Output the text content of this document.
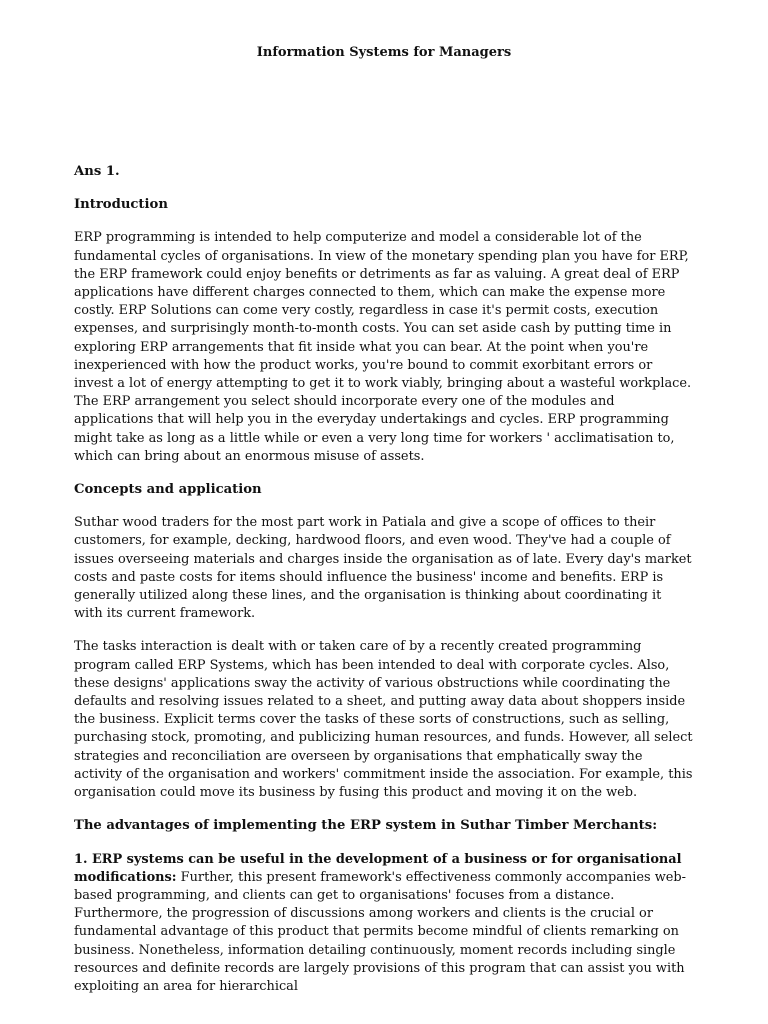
Information Systems for Managers

Ans 1.

Introduction

ERP programming is intended to help computerize and model a considerable lot of the fundamental cycles of organisations. In view of the monetary spending plan you have for ERP, the ERP framework could enjoy benefits or detriments as far as valuing. A great deal of ERP applications have different charges connected to them, which can make the expense more costly. ERP Solutions can come very costly, regardless in case it's permit costs, execution expenses, and surprisingly month-to-month costs. You can set aside cash by putting time in exploring ERP arrangements that fit inside what you can bear. At the point when you're inexperienced with how the product works, you're bound to commit exorbitant errors or invest a lot of energy attempting to get it to work viably, bringing about a wasteful workplace. The ERP arrangement you select should incorporate every one of the modules and applications that will help you in the everyday undertakings and cycles. ERP programming might take as long as a little while or even a very long time for workers ' acclimatisation to, which can bring about an enormous misuse of assets.

Concepts and application

Suthar wood traders for the most part work in Patiala and give a scope of offices to their customers, for example, decking, hardwood floors, and even wood. They've had a couple of issues overseeing materials and charges inside the organisation as of late. Every day's market costs and paste costs for items should influence the business' income and benefits. ERP is generally utilized along these lines, and the organisation is thinking about coordinating it with its current framework.

The tasks interaction is dealt with or taken care of by a recently created programming program called ERP Systems, which has been intended to deal with corporate cycles. Also, these designs' applications sway the activity of various obstructions while coordinating the defaults and resolving issues related to a sheet, and putting away data about shoppers inside the business. Explicit terms cover the tasks of these sorts of constructions, such as selling, purchasing stock, promoting, and publicizing human resources, and funds. However, all select strategies and reconciliation are overseen by organisations that emphatically sway the activity of the organisation and workers' commitment inside the association. For example, this organisation could move its business by fusing this product and moving it on the web.

The advantages of implementing the ERP system in Suthar Timber Merchants:

1. ERP systems can be useful in the development of a business or for organisational modifications: Further, this present framework's effectiveness commonly accompanies web-based programming, and clients can get to organisations' focuses from a distance. Furthermore, the progression of discussions among workers and clients is the crucial or fundamental advantage of this product that permits become mindful of clients remarking on business. Nonetheless, information detailing continuously, moment records including single resources and definite records are largely provisions of this program that can assist you with exploiting an area for hierarchical
